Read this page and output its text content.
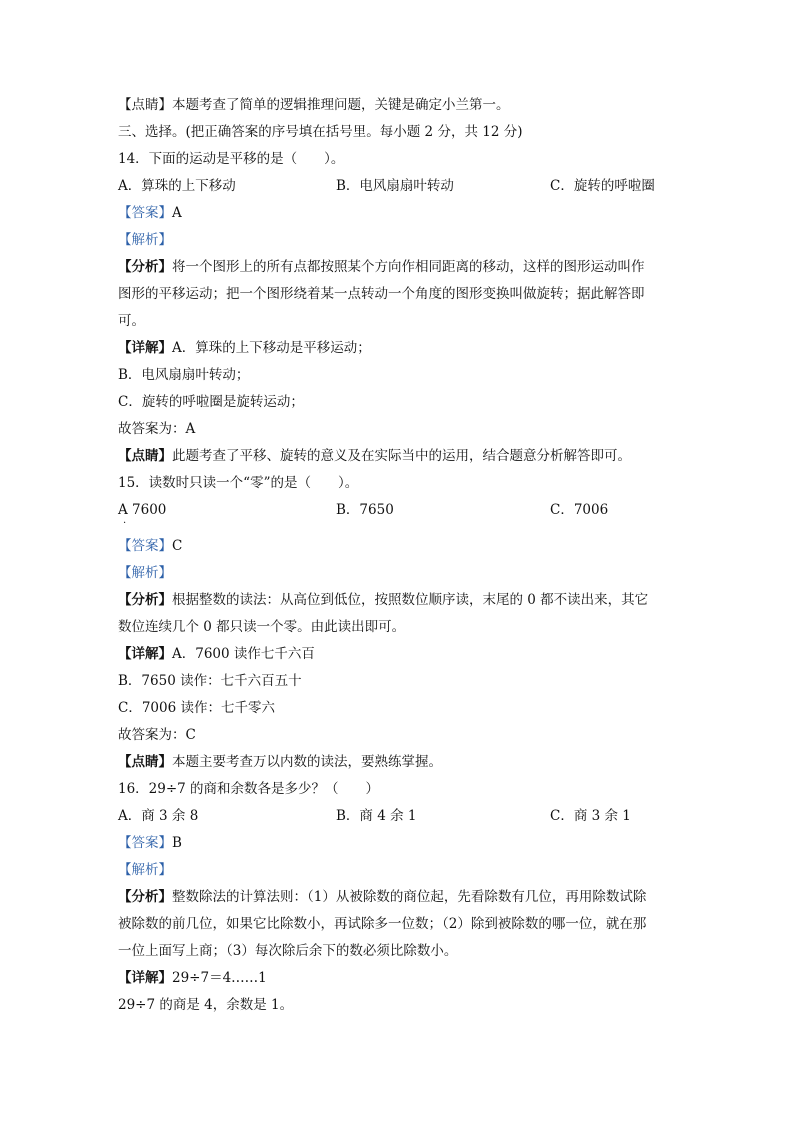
【点睛】本题考查了简单的逻辑推理问题，关键是确定小兰第一。
三、选择。(把正确答案的序号填在括号里。每小题 2 分，共 12 分)
14．下面的运动是平移的是（　　）。
A．算珠的上下移动	B．电风扇扇叶转动	C．旋转的呼啦圈
【答案】A
【解析】
【分析】将一个图形上的所有点都按照某个方向作相同距离的移动，这样的图形运动叫作
图形的平移运动；把一个图形绕着某一点转动一个角度的图形变换叫做旋转；据此解答即
可。
【详解】A．算珠的上下移动是平移运动；
B．电风扇扇叶转动；
C．旋转的呼啦圈是旋转运动；
故答案为：A
【点睛】此题考查了平移、旋转的意义及在实际当中的运用，结合题意分析解答即可。
15．读数时只读一个“零”的是（　　）。
A 7600
.
B．7650	C．7006
【答案】C
【解析】
【分析】根据整数的读法：从高位到低位，按照数位顺序读，末尾的 0 都不读出来，其它
数位连续几个 0 都只读一个零。由此读出即可。
【详解】A．7600 读作七千六百
B．7650 读作：七千六百五十
C．7006 读作：七千零六
故答案为：C
【点睛】本题主要考查万以内数的读法，要熟练掌握。
16．29÷7 的商和余数各是多少？（　　）
A．商 3 余 8	B．商 4 余 1	C．商 3 余 1
【答案】B
【解析】
【分析】整数除法的计算法则：（1）从被除数的商位起，先看除数有几位，再用除数试除
被除数的前几位，如果它比除数小，再试除多一位数；（2）除到被除数的哪一位，就在那
一位上面写上商；（3）每次除后余下的数必须比除数小。
【详解】29÷7＝4……1
29÷7 的商是 4，余数是 1。
